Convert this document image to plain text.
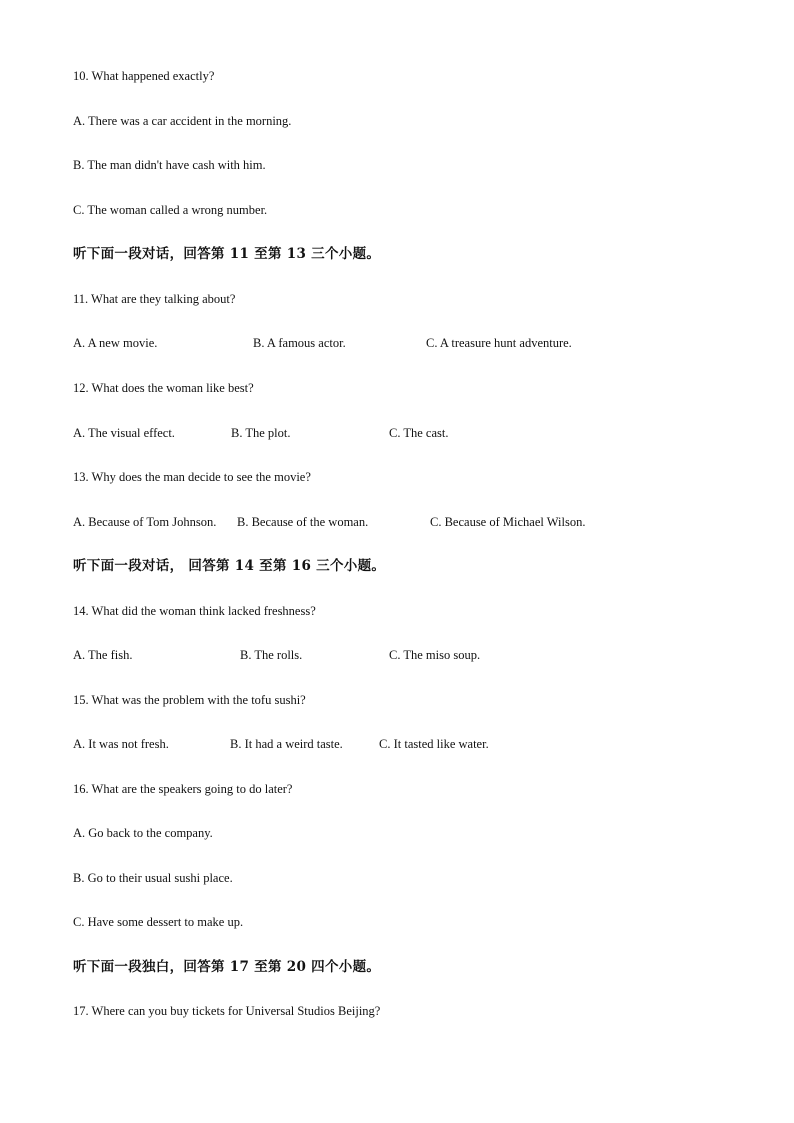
10. What happened exactly?
A. There was a car accident in the morning.
B. The man didn't have cash with him.
C. The woman called a wrong number.
听下面一段对话，回答第 11 至第 13 三个小题。
11. What are they talking about?
A. A new movie.	B. A famous actor.	C. A treasure hunt adventure.
12. What does the woman like best?
A. The visual effect.	B. The plot.	C. The cast.
13. Why does the man decide to see the movie?
A. Because of Tom Johnson. B. Because of the woman.	C. Because of Michael Wilson.
听下面一段对话， 回答第 14 至第 16 三个小题。
14. What did the woman think lacked freshness?
A. The fish.	B. The rolls.	C. The miso soup.
15. What was the problem with the tofu sushi?
A. It was not fresh.	B. It had a weird taste.	C. It tasted like water.
16. What are the speakers going to do later?
A. Go back to the company.
B. Go to their usual sushi place.
C. Have some dessert to make up.
听下面一段独白，回答第 17 至第 20 四个小题。
17. Where can you buy tickets for Universal Studios Beijing?
